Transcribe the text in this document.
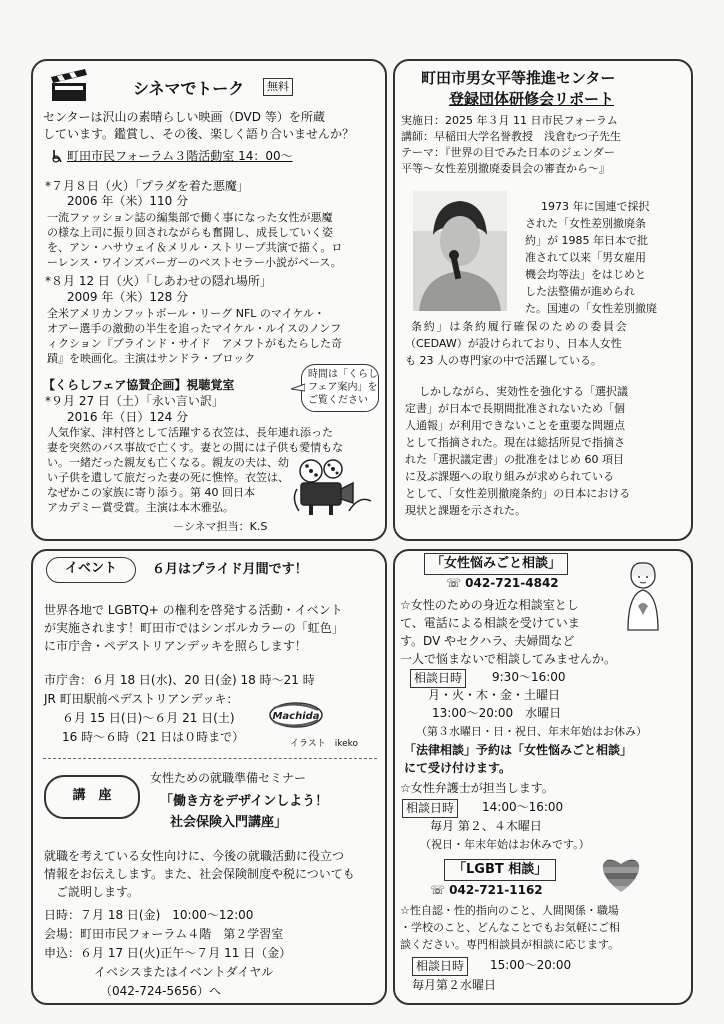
シネマでトーク	無料

センターは沢山の素晴らしい映画（DVD 等）を所蔵

しています。鑑賞し、その後、楽しく語り合いませんか？

町田市民フォーラム３階活動室 14：00～

*７月８日（火）「プラダを着た悪魔」

2006 年（米）110 分

一流ファッション誌の編集部で働く事になった女性が悪魔

の様な上司に振り回されながらも奮闘し、成長していく姿

を、アン・ハサウェイ＆メリル・ストリープ共演で描く。ロ

ーレンス・ワインズバーガーのベストセラー小説がベース。

*８月 12 日（火）「しあわせの隠れ場所」

2009 年（米）128 分

全米アメリカンフットボール・リーグ NFL のマイケル・

オアー選手の激動の半生を追ったマイケル・ルイスのノンフ

ィクション『ブラインド・サイド　アメフトがもたらした奇

蹟』を映画化。主演はサンドラ・ブロック

【くらしフェア協賛企画】視聴覚室

*９月 27 日（土）「永い言い訳」

2016 年（日）124 分

人気作家、津村啓として活躍する衣笠は、長年連れ添った

妻を突然のバス事故で亡くす。妻との間には子供も愛情もな

い。一緒だった親友も亡くなる。親友の夫は、幼

い子供を遺して旅だった妻の死に憔悴。衣笠は、

なぜかこの家族に寄り添う。第 40 回日本

アカデミー賞受賞。主演は本木雅弘。

時間は「くらし
フェア案内」を
ご覧ください

－シネマ担当：K.S

町田市男女平等推進センター

登録団体研修会リポート

実施日：2025 年３月 11 日市民フォーラム

講師：早稲田大学名誉教授　浅倉むつ子先生

テーマ：『世界の目でみた日本のジェンダー

平等～女性差別撤廃委員会の審査から～』

1973 年に国連で採択

された「女性差別撤廃条

約」が 1985 年日本で批

准されて以来「男女雇用

機会均等法」をはじめと

した法整備が進められ

た。国連の「女性差別撤廃

条約」は条約履行確保のための委員会

（CEDAW）が設けられており、日本人女性

も 23 人の専門家の中で活躍している。

しかしながら、実効性を強化する「選択議

定書」が日本で長期間批准されないため「個

人通報」が利用できないことを重要な問題点

として指摘された。現在は総括所見で指摘さ

れた「選択議定書」の批准をはじめ 60 項目

に及ぶ課題への取り組みが求められている

として、「女性差別撤廃条約」の日本における

現状と課題を示された。

イベント	６月はプライド月間です！

世界各地で LGBTQ+ の権利を啓発する活動・イベント

が実施されます！町田市ではシンボルカラーの「虹色」

に市庁舎・ペデストリアンデッキを照らします！

市庁舎：６月 18 日(水)、20 日(金) 18 時～21 時

JR 町田駅前ペデストリアンデッキ：

６月 15 日(日)～６月 21 日(土)

16 時～６時（21 日は０時まで）

Machida

イラスト　ikeko

講　座

女性ための就職準備セミナー

「働き方をデザインしよう！

社会保険入門講座」

就職を考えている女性向けに、今後の就職活動に役立つ

情報をお伝えします。また、社会保険制度や税についても

ご説明します。

日時：７月 18 日(金)　10:00～12:00

会場：町田市民フォーラム４階　第２学習室

申込：６月 17 日(火)正午～７月 11 日（金）

イベシスまたはイベントダイヤル

（042-724-5656）へ

「女性悩みごと相談」

☏ 042-721-4842

☆女性のための身近な相談室とし

て、電話による相談を受けていま

す。DV やセクハラ、夫婦間など

一人で悩まないで相談してみませんか。

相談日時	9:30～16:00

月・火・木・金・土曜日

13:00～20:00　水曜日

（第３水曜日・日・祝日、年末年始はお休み）

「法律相談」予約は「女性悩みごと相談」

にて受け付けます。

☆女性弁護士が担当します。

相談日時	14:00～16:00

毎月 第２、４木曜日

（祝日・年末年始はお休みです。）

「LGBT 相談」

☏ 042-721-1162

☆性自認・性的指向のこと、人間関係・職場

・学校のこと、どんなことでもお気軽にご相

談ください。専門相談員が相談に応じます。

相談日時	15:00～20:00

毎月第２水曜日
